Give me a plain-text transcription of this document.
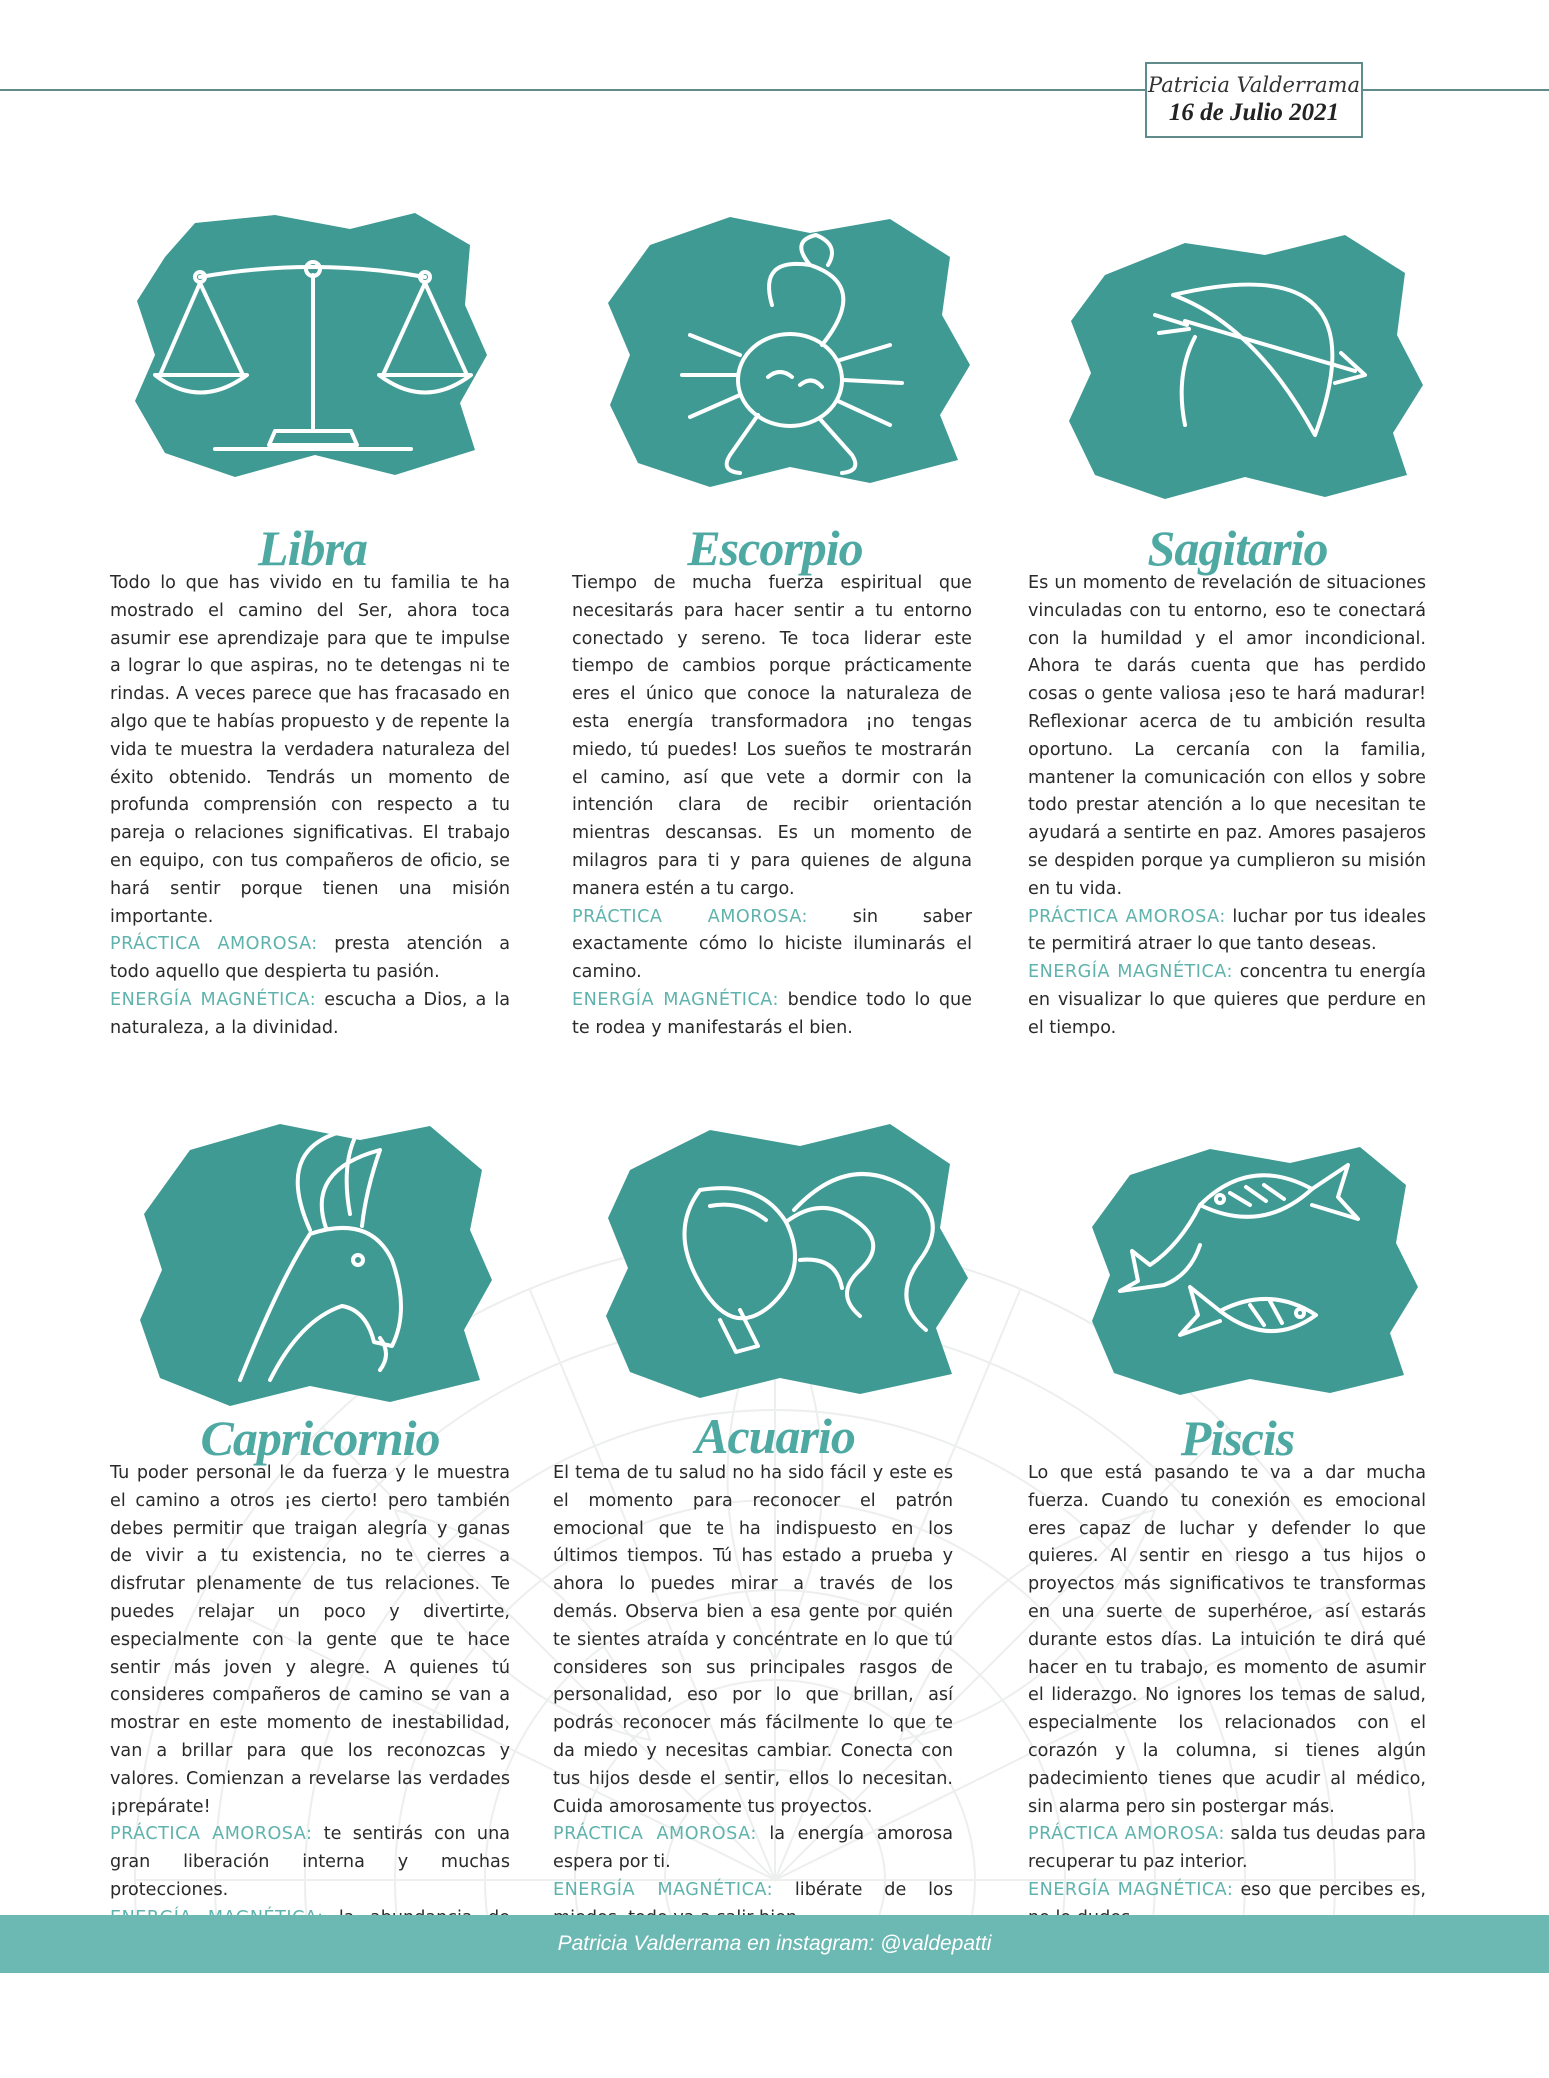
Patricia Valderrama
16 de Julio 2021
Libra

Todo lo que has vivido en tu familia te ha mostrado el camino del Ser, ahora toca asumir ese aprendizaje para que te impulse a lograr lo que aspiras, no te detengas ni te rindas. A veces parece que has fracasado en algo que te habías propuesto y de repente la vida te muestra la verdadera naturaleza del éxito obtenido. Tendrás un momento de profunda comprensión con respecto a tu pareja o relaciones significativas. El trabajo en equipo, con tus compañeros de oficio, se hará sentir porque tienen una misión importante.

PRÁCTICA AMOROSA: presta atención a todo aquello que despierta tu pasión.

ENERGÍA MAGNÉTICA: escucha a Dios, a la naturaleza, a la divinidad.

Escorpio

Tiempo de mucha fuerza espiritual que necesitarás para hacer sentir a tu entorno conectado y sereno. Te toca liderar este tiempo de cambios porque prácticamente eres el único que conoce la naturaleza de esta energía transformadora ¡no tengas miedo, tú puedes! Los sueños te mostrarán el camino, así que vete a dormir con la intención clara de recibir orientación mientras descansas. Es un momento de milagros para ti y para quienes de alguna manera estén a tu cargo.

PRÁCTICA AMOROSA:	sin saber exactamente cómo lo hiciste iluminarás el camino.

ENERGÍA MAGNÉTICA: bendice todo lo que te rodea y manifestarás el bien.

Sagitario

Es un momento de revelación de situaciones vinculadas con tu entorno, eso te conectará con la humildad y el amor incondicional. Ahora te darás cuenta que has perdido cosas o gente valiosa ¡eso te hará madurar! Reflexionar acerca de tu ambición resulta oportuno. La cercanía con la familia, mantener la comunicación con ellos y sobre todo prestar atención a lo que necesitan te ayudará a sentirte en paz. Amores pasajeros se despiden porque ya cumplieron su misión en tu vida.

PRÁCTICA AMOROSA: luchar por tus ideales te permitirá atraer lo que tanto deseas.

ENERGÍA MAGNÉTICA: concentra tu energía en visualizar lo que quieres que perdure en el tiempo.

Capricornio

Tu poder personal le da fuerza y le muestra el camino a otros ¡es cierto! pero también debes permitir que traigan alegría y ganas de vivir a tu existencia, no te cierres a disfrutar plenamente de tus relaciones. Te puedes relajar un poco y divertirte, especialmente con la gente que te hace sentir más joven y alegre. A quienes tú consideres compañeros de camino se van a mostrar en este momento de inestabilidad, van a brillar para que los reconozcas y valores. Comienzan a revelarse las verdades ¡prepárate!

PRÁCTICA AMOROSA: te sentirás con una gran liberación interna y muchas protecciones.

Acuario

El tema de tu salud no ha sido fácil y este es el momento para reconocer el patrón emocional que te ha indispuesto en los últimos tiempos. Tú has estado a prueba y ahora lo puedes mirar a través de los demás. Observa bien a esa gente por quién te sientes atraída y concéntrate en lo que tú consideres son sus principales rasgos de personalidad, eso por lo que brillan, así podrás reconocer más fácilmente lo que te da miedo y necesitas cambiar. Conecta con tus hijos desde el sentir, ellos lo necesitan. Cuida amorosamente tus proyectos.

PRÁCTICA AMOROSA: la energía amorosa espera por ti.

ENERGÍA MAGNÉTICA: libérate de los

Piscis

Lo que está pasando te va a dar mucha fuerza. Cuando tu conexión es emocional eres capaz de luchar y defender lo que quieres. Al sentir en riesgo a tus hijos o proyectos más significativos te transformas en una suerte de superhéroe, así estarás durante estos días. La intuición te dirá qué hacer en tu trabajo, es momento de asumir el liderazgo. No ignores los temas de salud, especialmente los relacionados con el corazón y la columna, si tienes algún padecimiento tienes que acudir al médico, sin alarma pero sin postergar más.

PRÁCTICA AMOROSA: salda tus deudas para recuperar tu paz interior.

ENERGÍA MAGNÉTICA: eso que percibes es,

Patricia Valderrama en instagram: @valdepatti
